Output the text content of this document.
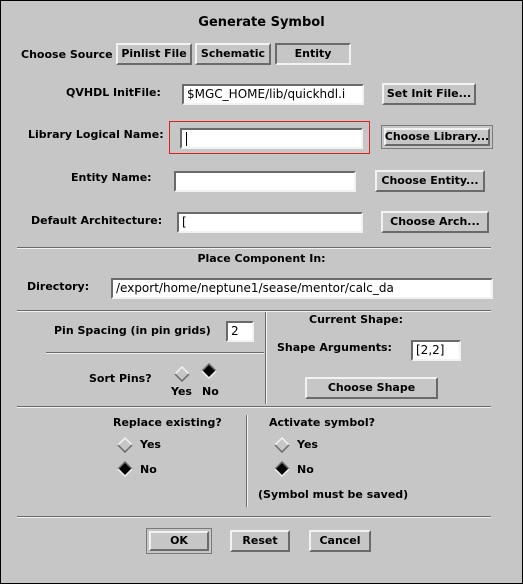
Generate Symbol
Choose Source Pinlist File	Schematic	Entity
QVHDL InitFile:	$MGC_HOME/lib/quickhdl.i	Set Init File...
Library Logical Name:	Choose Library...
Entity Name:	Choose Entity...
Default Architecture:	[	Choose Arch...
Place Component In:
Directory:	/export/home/neptune1/sease/mentor/calc_da
Pin Spacing (in pin grids)	2
Sort Pins?
Yes No
Current Shape:
Shape Arguments:	[2,2]
Choose Shape
Replace existing?
Yes
No
Activate symbol?
Yes
No
(Symbol must be saved)
OK	Reset	Cancel
